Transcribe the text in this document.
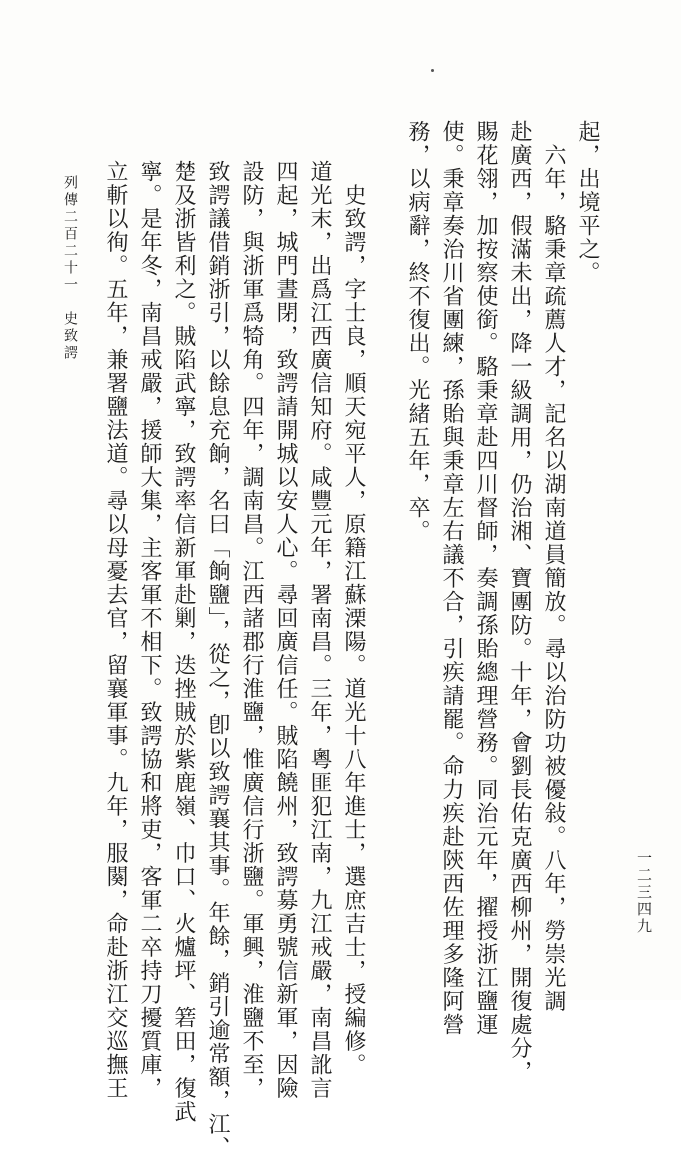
起，出境平之。
　六年，駱秉章疏薦人才，記名以湖南道員簡放。尋以治防功被優敍。八年，勞崇光調
赴廣西，假滿未出，降一級調用，仍治湘、寶團防。十年，會劉長佑克廣西柳州，開復處分，
賜花翎，加按察使銜。駱秉章赴四川督師，奏調孫貽總理營務。同治元年，擢授浙江鹽運
使。秉章奏治川省團練，孫貽與秉章左右議不合，引疾請罷。命力疾赴陝西佐理多隆阿營
務，以病辭，終不復出。光緒五年，卒。
　史致諤，字士良，順天宛平人，原籍江蘇溧陽。道光十八年進士，選庶吉士，授編修。
道光末，出爲江西廣信知府。咸豐元年，署南昌。三年，粵匪犯江南，九江戒嚴，南昌訛言
四起，城門晝閉，致諤請開城以安人心。尋回廣信任。賊陷饒州，致諤募勇號信新軍，因險
設防，與浙軍爲犄角。四年，調南昌。江西諸郡行淮鹽，惟廣信行浙鹽。軍興，淮鹽不至，
致諤議借銷浙引，以餘息充餉，名曰「餉鹽」，從之，卽以致諤襄其事。年餘，銷引逾常額，江、
楚及浙皆利之。賊陷武寧，致諤率信新軍赴剿，迭挫賊於紫鹿嶺、巾口、火爐坪、箬田，復武
寧。是年冬，南昌戒嚴，援師大集，主客軍不相下。致諤協和將吏，客軍二卒持刀擾質庫，
立斬以徇。五年，兼署鹽法道。尋以母憂去官，留襄軍事。九年，服闋，命赴浙江交巡撫王
列傳二百二十一　史致諤
一二三四九
